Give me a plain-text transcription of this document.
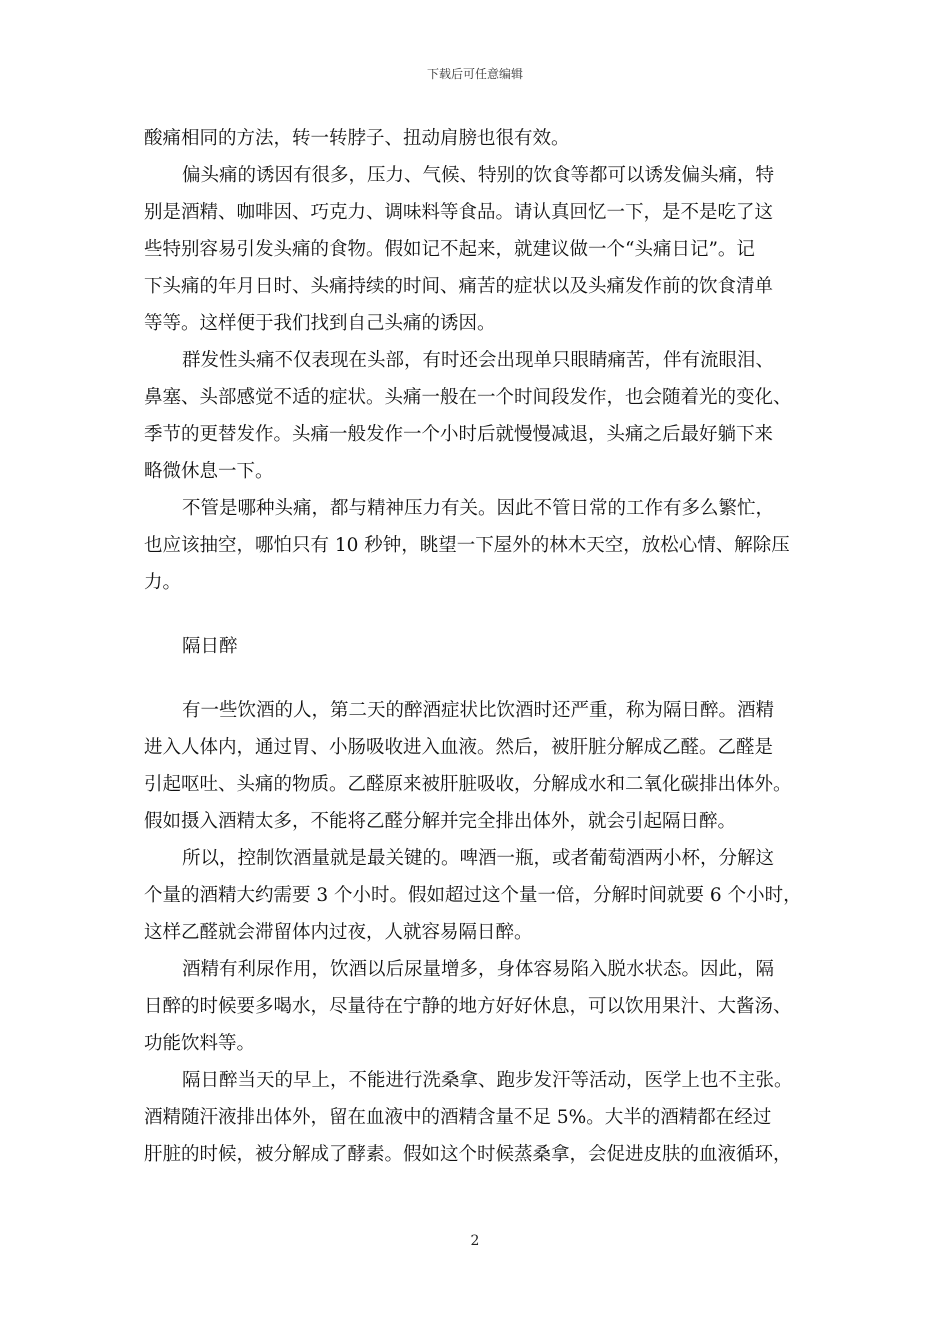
下载后可任意编辑
酸痛相同的方法，转一转脖子、扭动肩膀也很有效。
偏头痛的诱因有很多，压力、气候、特别的饮食等都可以诱发偏头痛，特
别是酒精、咖啡因、巧克力、调味料等食品。请认真回忆一下，是不是吃了这
些特别容易引发头痛的食物。假如记不起来，就建议做一个“头痛日记”。记
下头痛的年月日时、头痛持续的时间、痛苦的症状以及头痛发作前的饮食清单
等等。这样便于我们找到自己头痛的诱因。
群发性头痛不仅表现在头部，有时还会出现单只眼睛痛苦，伴有流眼泪、
鼻塞、头部感觉不适的症状。头痛一般在一个时间段发作，也会随着光的变化、
季节的更替发作。头痛一般发作一个小时后就慢慢减退，头痛之后最好躺下来
略微休息一下。
不管是哪种头痛，都与精神压力有关。因此不管日常的工作有多么繁忙，
也应该抽空，哪怕只有 10 秒钟，眺望一下屋外的林木天空，放松心情、解除压
力。
隔日醉
有一些饮酒的人，第二天的醉酒症状比饮酒时还严重，称为隔日醉。酒精
进入人体内，通过胃、小肠吸收进入血液。然后，被肝脏分解成乙醛。乙醛是
引起呕吐、头痛的物质。乙醛原来被肝脏吸收，分解成水和二氧化碳排出体外。
假如摄入酒精太多，不能将乙醛分解并完全排出体外，就会引起隔日醉。
所以，控制饮酒量就是最关键的。啤酒一瓶，或者葡萄酒两小杯，分解这
个量的酒精大约需要 3 个小时。假如超过这个量一倍，分解时间就要 6 个小时，
这样乙醛就会滞留体内过夜，人就容易隔日醉。
酒精有利尿作用，饮酒以后尿量增多，身体容易陷入脱水状态。因此，隔
日醉的时候要多喝水，尽量待在宁静的地方好好休息，可以饮用果汁、大酱汤、
功能饮料等。
隔日醉当天的早上，不能进行洗桑拿、跑步发汗等活动，医学上也不主张。
酒精随汗液排出体外，留在血液中的酒精含量不足 5%。大半的酒精都在经过
肝脏的时候，被分解成了酵素。假如这个时候蒸桑拿，会促进皮肤的血液循环，
2
